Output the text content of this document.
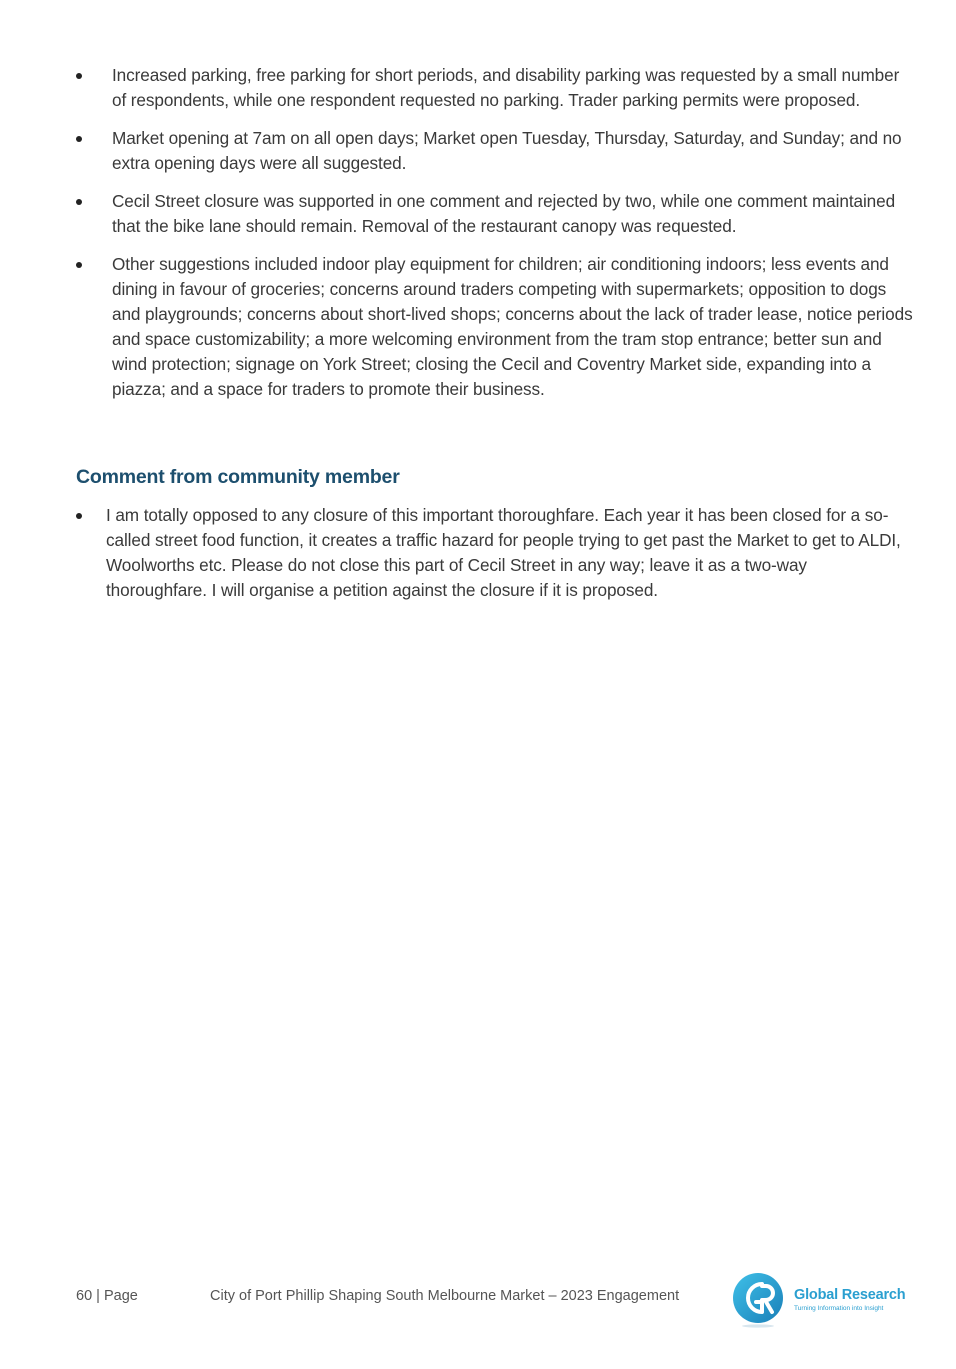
Increased parking, free parking for short periods, and disability parking was requested by a small number of respondents, while one respondent requested no parking. Trader parking permits were proposed.
Market opening at 7am on all open days; Market open Tuesday, Thursday, Saturday, and Sunday; and no extra opening days were all suggested.
Cecil Street closure was supported in one comment and rejected by two, while one comment maintained that the bike lane should remain. Removal of the restaurant canopy was requested.
Other suggestions included indoor play equipment for children; air conditioning indoors; less events and dining in favour of groceries; concerns around traders competing with supermarkets; opposition to dogs and playgrounds; concerns about short-lived shops; concerns about the lack of trader lease, notice periods and space customizability; a more welcoming environment from the tram stop entrance; better sun and wind protection; signage on York Street; closing the Cecil and Coventry Market side, expanding into a piazza; and a space for traders to promote their business.
Comment from community member
I am totally opposed to any closure of this important thoroughfare. Each year it has been closed for a so-called street food function, it creates a traffic hazard for people trying to get past the Market to get to ALDI, Woolworths etc. Please do not close this part of Cecil Street in any way; leave it as a two-way thoroughfare. I will organise a petition against the closure if it is proposed.
60 | Page	City of Port Phillip Shaping South Melbourne Market – 2023 Engagement	Global Research
Turning Information into Insight
